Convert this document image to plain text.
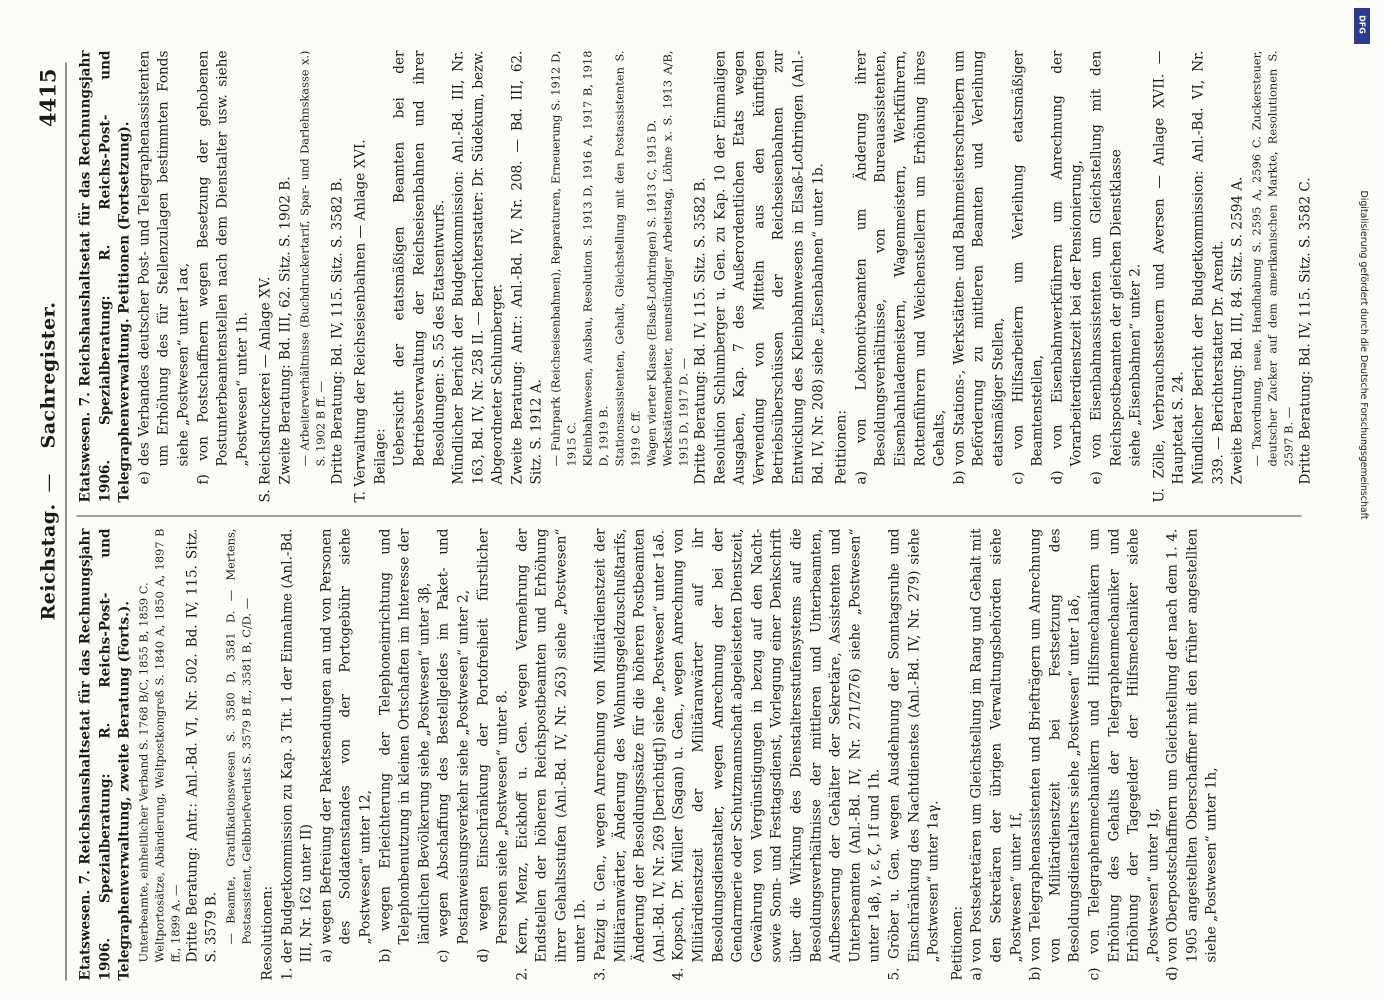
Reichstag.
—
Sachregister.
4415

Etatswesen. 7. Reichshaushaltsetat für das Rechnungsjahr 1906. Spezialberatung: R. Reichs-Post- und Telegraphenverwaltung, zweite Beratung (Forts.). Unterbeamte, einheitlicher Verband S. 1768 B/C, 1855 B, 1859 C. Weltportosätze, Abänderung, Weltpostkongreß S. 1840 A, 1850 A, 1897 B ff., 1899 A. — Dritte Beratung: Antr.: Anl.-Bd. VI, Nr. 502. Bd. IV, 115. Sitz. S. 3579 B. — Beamte, Gratifikationswesen S. 3580 D, 3581 D. — Mertens, Postassistent, Gelbbriefverlust S. 3579 B ff., 3581 B, C/D. — Resolutionen: 1. der Budgetkommission zu Kap. 3 Tit. 1 der Einnahme (Anl.-Bd. III, Nr. 162 unter II) a) wegen Befreiung der Paketsendungen an und von Personen des Soldatenstandes von der Portogebühr siehe „Postwesen“ unter 12, b) wegen Erleichterung der Telephoneinrichtung und Telephonbenutzung in kleinen Ortschaften im Interesse der ländlichen Bevölkerung siehe „Postwesen“ unter 3β, c) wegen Abschaffung des Bestellgeldes im Paket- und Postanweisungsverkehr siehe „Postwesen“ unter 2, d) wegen Einschränkung der Portofreiheit fürstlicher Personen siehe „Postwesen“ unter 8. 2. Kern, Menz, Eickhoff u. Gen. wegen Vermehrung der Endstellen der höheren Reichspostbeamten und Erhöhung ihrer Gehaltsstufen (Anl.-Bd. IV, Nr. 263) siehe „Postwesen“ unter 1b. 3. Patzig u. Gen., wegen Anrechnung von Militärdienstzeit der Militäranwärter, Änderung des Wohnungsgeldzuschußtarifs, Änderung der Besoldungssätze für die höheren Postbeamten (Anl.-Bd. IV, Nr. 269 [berichtigt]) siehe „Postwesen“ unter 1aδ. 4. Kopsch, Dr. Müller (Sagan) u. Gen., wegen Anrechnung von Militärdienstzeit der Militäranwärter auf ihr Besoldungsdienstalter, wegen Anrechnung der bei der Gendarmerie oder Schutzmannschaft abgeleisteten Dienstzeit, Gewährung von Vergünstigungen in bezug auf den Nacht- sowie Sonn- und Festtagsdienst, Vorlegung einer Denkschrift über die Wirkung des Dienstaltersstufensystems auf die Besoldungsverhältnisse der mittleren und Unterbeamten, Aufbesserung der Gehälter der Sekretäre, Assistenten und Unterbeamten (Anl.-Bd. IV, Nr. 271/276) siehe „Postwesen“ unter 1aβ, γ, ε, ζ, 1f und 1h. 5. Gröber u. Gen. wegen Ausdehnung der Sonntagsruhe und Einschränkung des Nachtdienstes (Anl.-Bd. IV, Nr. 279) siehe „Postwesen“ unter 1aγ. Petitionen: a) von Postsekretären um Gleichstellung im Rang und Gehalt mit den Sekretären der übrigen Verwaltungsbehörden siehe „Postwesen“ unter 1f, b) von Telegraphenassistenten und Briefträgern um Anrechnung von Militärdienstzeit bei Festsetzung des Besoldungsdienstalters siehe „Postwesen“ unter 1aδ, c) von Telegraphenmechanikern und Hilfsmechanikern um Erhöhung des Gehalts der Telegraphenmechaniker und Erhöhung der Tagegelder der Hilfsmechaniker siehe „Postwesen“ unter 1g, d) von Oberpostschaffnern um Gleichstellung der nach dem 1. 4. 1905 angestellten Oberschaffner mit den früher angestellten siehe „Postwesen“ unter 1h,

Etatswesen. 7. Reichshaushaltsetat für das Rechnungsjahr 1906. Spezialberatung: R. Reichs-Post- und Telegraphenverwaltung. Petitionen (Fortsetzung). e) des Verbandes deutscher Post- und Telegraphenassistenten um Erhöhung des für Stellenzulagen bestimmten Fonds siehe „Postwesen“ unter 1aα, f) von Postschaffnern wegen Besetzung der gehobenen Postunterbeamtenstellen nach dem Dienstalter usw. siehe „Postwesen“ unter 1h. S. Reichsdruckerei — Anlage XV. Zweite Beratung: Bd. III, 62. Sitz. S. 1902 B. — Arbeiterverhältnisse (Buchdruckertarif, Spar- und Darlehnskasse x.) S. 1902 B ff. — Dritte Beratung: Bd. IV, 115. Sitz. S. 3582 B. T. Verwaltung der Reichseisenbahnen — Anlage XVI. Beilage: Uebersicht der etatsmäßigen Beamten bei der Betriebsverwaltung der Reichseisenbahnen und ihrer Besoldungen: S. 55 des Etatsentwurfs. Mündlicher Bericht der Budgetkommission: Anl.-Bd. III, Nr. 163, Bd. IV, Nr. 258 II. — Berichterstatter: Dr. Südekum, bezw. Abgeordneter Schlumberger. Zweite Beratung: Antr.: Anl.-Bd. IV, Nr. 208. — Bd. III, 62. Sitz. S. 1912 A. — Fuhrpark (Reichseisenbahnen), Reparaturen, Erneuerung S. 1912 D, 1915 C. Kleinbahnwesen, Ausbau, Resolution S. 1913 D, 1916 A, 1917 B, 1918 D, 1919 B. Stationsassistenten, Gehalt, Gleichstellung mit den Postassistenten S. 1919 C ff. Wagen vierter Klasse (Elsaß-Lothringen) S. 1913 C, 1915 D. Werkstättenarbeiter, neunstündiger Arbeitstag, Löhne x. S. 1913 A/B, 1915 D, 1917 D. — Dritte Beratung: Bd. IV, 115. Sitz. S. 3582 B. Resolution Schlumberger u. Gen. zu Kap. 10 der Einmaligen Ausgaben, Kap. 7 des Außerordentlichen Etats wegen Verwendung von Mitteln aus den künftigen Betriebsüberschüssen der Reichseisenbahnen zur Entwicklung des Kleinbahnwesens in Elsaß-Lothringen (Anl.-Bd. IV, Nr. 208) siehe „Eisenbahnen“ unter 1b. Petitionen: a) von Lokomotivbeamten um Änderung ihrer Besoldungsverhältnisse, von Bureauassistenten, Eisenbahnlademeistern, Wagenmeistern, Werkführern, Rottenführern und Weichenstellern um Erhöhung ihres Gehalts, b) von Stations-, Werkstätten- und Bahnmeisterschreibern um Beförderung zu mittleren Beamten und Verleihung etatsmäßiger Stellen, c) von Hilfsarbeitern um Verleihung etatsmäßiger Beamtenstellen, d) von Eisenbahnwerkführern um Anrechnung der Vorarbeiterdienstzeit bei der Pensionierung, e) von Eisenbahnassistenten um Gleichstellung mit den Reichspostbeamten der gleichen Dienstklasse siehe „Eisenbahnen“ unter 2. U. Zölle, Verbrauchssteuern und Aversen — Anlage XVII. — Hauptetat S. 24. Mündlicher Bericht der Budgetkommission: Anl.-Bd. VI, Nr. 339. — Berichterstatter Dr. Arendt. Zweite Beratung: Bd. III, 84. Sitz. S. 2594 A. — Taxordnung, neue, Handhabung S. 2595 A, 2596 C. Zuckersteuer, deutscher Zucker auf dem amerikanischen Markte, Resolutionen S. 2597 B. — Dritte Beratung: Bd. IV, 115. Sitz. S. 3582 C.

DFG
Digitalisierung gefördert durch die Deutsche Forschungsgemeinschaft
